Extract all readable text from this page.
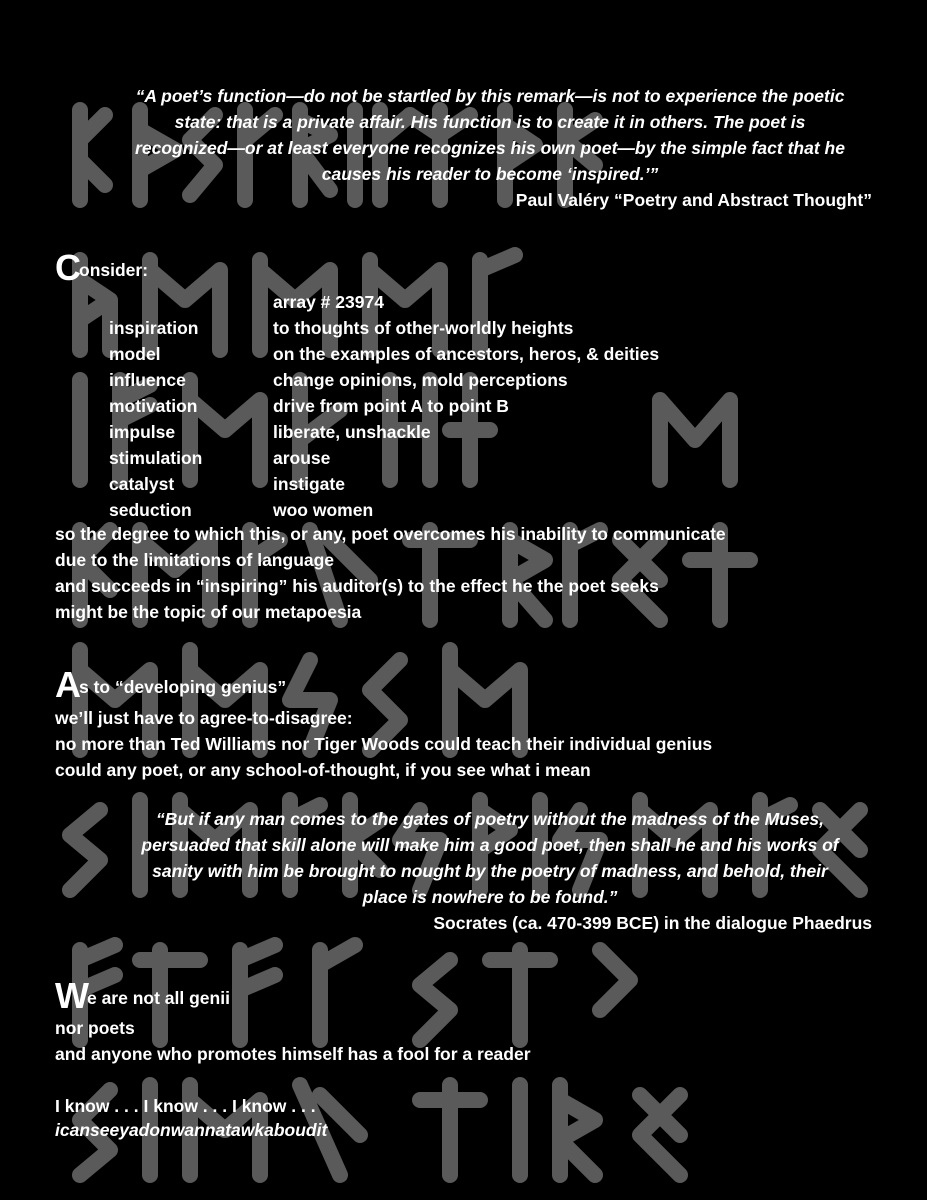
“A poet’s function—do not be startled by this remark—is not to experience the poetic
state: that is a private affair. His function is to create it in others. The poet is
recognized—or at least everyone recognizes his own poet—by the simple fact that he
causes his reader to become ‘inspired.’”
Paul Valéry “Poetry and Abstract Thought”
Consider:
array # 23974
inspiration	to thoughts of other-worldly heights
model	on the examples of ancestors, heros, & deities
influence	change opinions, mold perceptions
motivation	drive from point A to point B
impulse	liberate, unshackle
stimulation	arouse
catalyst	instigate
seduction	woo women
so the degree to which this, or any, poet overcomes his inability to communicate
due to the limitations of language
and succeeds in “inspiring” his auditor(s) to the effect he the poet seeks
might be the topic of our metapoesia
As to “developing genius”
we’ll just have to agree-to-disagree:
no more than Ted Williams nor Tiger Woods could teach their individual genius
could any poet, or any school-of-thought, if you see what i mean
“But if any man comes to the gates of poetry without the madness of the Muses,
persuaded that skill alone will make him a good poet, then shall he and his works of
sanity with him be brought to nought by the poetry of madness, and behold, their
place is nowhere to be found.”
Socrates (ca. 470-399 BCE) in the dialogue Phaedrus
We are not all genii
nor poets
and anyone who promotes himself has a fool for a reader
I know . . . I know . . . I know . . .
icanseeyadonwannatawkaboudit
